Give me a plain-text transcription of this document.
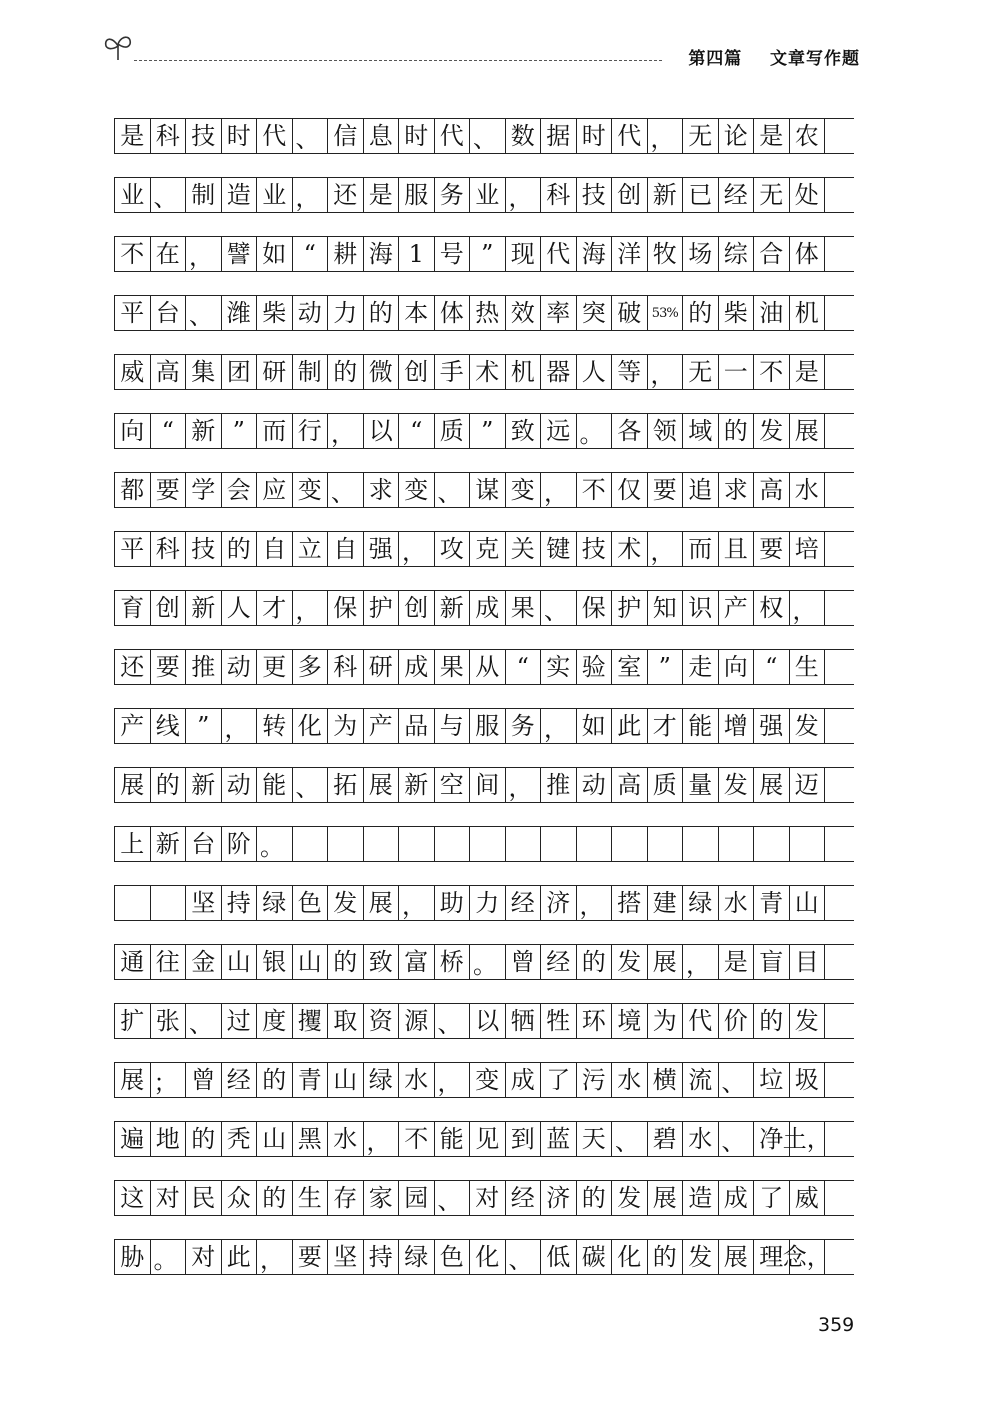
第四篇    文章写作题
是 科 技 时 代 、 信 息 时 代 、 数 据 时 代 ， 无 论 是 农
业 、 制 造 业 ， 还 是 服 务 业 ， 科 技 创 新 已 经 无 处
不 在 ， 譬 如 “ 耕 海 1 号 ” 现 代 海 洋 牧 场 综 合 体
平 台 、 潍 柴 动 力 的 本 体 热 效 率 突 破 53% 的 柴 油 机
威 高 集 团 研 制 的 微 创 手 术 机 器 人 等 ， 无 一 不 是
向 “ 新 ” 而 行 ， 以 “ 质 ” 致 远 。 各 领 域 的 发 展
都 要 学 会 应 变 、 求 变 、 谋 变 ， 不 仅 要 追 求 高 水
平 科 技 的 自 立 自 强 ， 攻 克 关 键 技 术 ， 而 且 要 培
育 创 新 人 才 ， 保 护 创 新 成 果 、 保 护 知 识 产 权 ，
还 要 推 动 更 多 科 研 成 果 从 “ 实 验 室 ” 走 向 “ 生
产 线 ” ， 转 化 为 产 品 与 服 务 ， 如 此 才 能 增 强 发
展 的 新 动 能 、 拓 展 新 空 间 ， 推 动 高 质 量 发 展 迈
上 新 台 阶 。
坚 持 绿 色 发 展 ， 助 力 经 济 ， 搭 建 绿 水 青 山
通 往 金 山 银 山 的 致 富 桥 。 曾 经 的 发 展 ， 是 盲 目
扩 张 、 过 度 攫 取 资 源 、 以 牺 牲 环 境 为 代 价 的 发
展 ； 曾 经 的 青 山 绿 水 ， 变 成 了 污 水 横 流 、 垃 圾
遍 地 的 秃 山 黑 水 ， 不 能 见 到 蓝 天 、 碧 水 、 净 土，
这 对 民 众 的 生 存 家 园 、 对 经 济 的 发 展 造 成 了 威
胁 。 对 此 ， 要 坚 持 绿 色 化 、 低 碳 化 的 发 展 理 念，
359
